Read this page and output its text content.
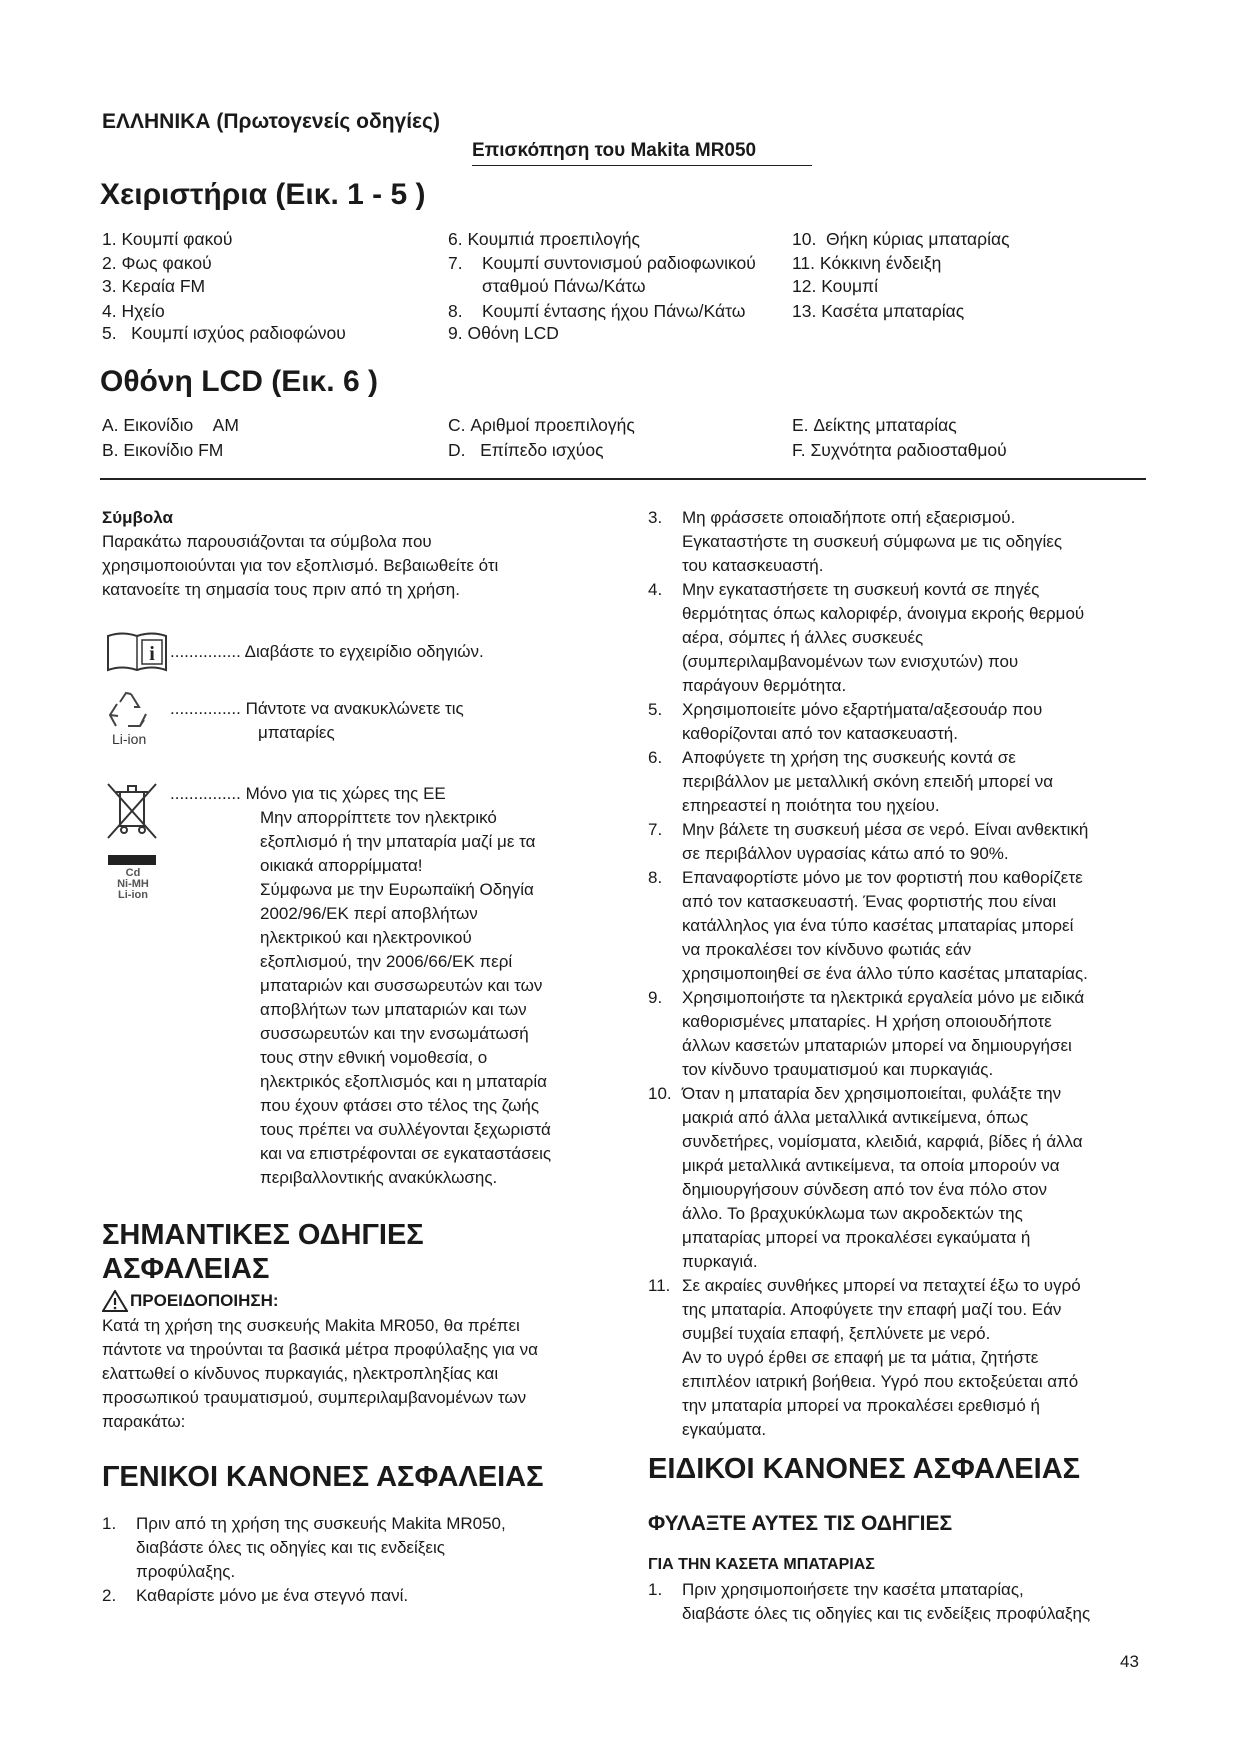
ΕΛΛΗΝΙΚΑ (Πρωτογενείς οδηγίες)
Επισκόπηση του Makita MR050
Χειριστήρια (Εικ. 1 - 5 )
1. Κουμπί φακού
2. Φως φακού
3. Κεραία FM
4. Ηχείο
5.   Κουμπί ισχύος ραδιοφώνου
6. Κουμπιά προεπιλογής
7.    Κουμπί συντονισμού ραδιοφωνικού
σταθμού Πάνω/Κάτω
8.    Κουμπί έντασης ήχου Πάνω/Κάτω
9. Οθόνη LCD
10.  Θήκη κύριας μπαταρίας
11. Κόκκινη ένδειξη
12. Κουμπί
13. Κασέτα μπαταρίας
Οθόνη LCD (Εικ. 6 )
A. Εικονίδιο    AM
B. Εικονίδιο FM
C. Αριθμοί προεπιλογής
D.   Επίπεδο ισχύος
E. Δείκτης μπαταρίας
F. Συχνότητα ραδιοσταθμού
Σύμβολα
Παρακάτω παρουσιάζονται τα σύμβολα που
χρησιμοποιούνται για τον εξοπλισμό. Βεβαιωθείτε ότι
κατανοείτε τη σημασία τους πριν από τη χρήση.
i ............... Διαβάστε το εγχειρίδιο οδηγιών.
Li-ion
............... Πάντοτε να ανακυκλώνετε τις
μπαταρίες
Cd
Ni-MH
Li-ion
............... Μόνο για τις χώρες της ΕΕ
Μην απορρίπτετε τον ηλεκτρικό
εξοπλισμό ή την μπαταρία μαζί με τα
οικιακά απορρίμματα!
Σύμφωνα με την Ευρωπαϊκή Οδηγία
2002/96/ΕΚ περί αποβλήτων
ηλεκτρικού και ηλεκτρονικού
εξοπλισμού, την 2006/66/ΕΚ περί
μπαταριών και συσσωρευτών και των
αποβλήτων των μπαταριών και των
συσσωρευτών και την ενσωμάτωσή
τους στην εθνική νομοθεσία, ο
ηλεκτρικός εξοπλισμός και η μπαταρία
που έχουν φτάσει στο τέλος της ζωής
τους πρέπει να συλλέγονται ξεχωριστά
και να επιστρέφονται σε εγκαταστάσεις
περιβαλλοντικής ανακύκλωσης.
ΣΗΜΑΝΤΙΚΕΣ ΟΔΗΓΙΕΣ
ΑΣΦΑΛΕΙΑΣ
ΠΡΟΕΙΔΟΠΟΙΗΣΗ:
Κατά τη χρήση της συσκευής Makita MR050, θα πρέπει
πάντοτε να τηρούνται τα βασικά μέτρα προφύλαξης για να
ελαττωθεί ο κίνδυνος πυρκαγιάς, ηλεκτροπληξίας και
προσωπικού τραυματισμού, συμπεριλαμβανομένων των
παρακάτω:
ΓΕΝΙΚΟΙ ΚΑΝΟΝΕΣ ΑΣΦΑΛΕΙΑΣ
1. Πριν από τη χρήση της συσκευής Makita MR050,
διαβάστε όλες τις οδηγίες και τις ενδείξεις
προφύλαξης.
2. Καθαρίστε μόνο με ένα στεγνό πανί.
3. Μη φράσσετε οποιαδήποτε οπή εξαερισμού.
Εγκαταστήστε τη συσκευή σύμφωνα με τις οδηγίες
του κατασκευαστή.
4. Μην εγκαταστήσετε τη συσκευή κοντά σε πηγές
θερμότητας όπως καλοριφέρ, άνοιγμα εκροής θερμού
αέρα, σόμπες ή άλλες συσκευές
(συμπεριλαμβανομένων των ενισχυτών) που
παράγουν θερμότητα.
5. Χρησιμοποιείτε μόνο εξαρτήματα/αξεσουάρ που
καθορίζονται από τον κατασκευαστή.
6. Αποφύγετε τη χρήση της συσκευής κοντά σε
περιβάλλον με μεταλλική σκόνη επειδή μπορεί να
επηρεαστεί η ποιότητα του ηχείου.
7. Μην βάλετε τη συσκευή μέσα σε νερό. Είναι ανθεκτική
σε περιβάλλον υγρασίας κάτω από το 90%.
8. Επαναφορτίστε μόνο με τον φορτιστή που καθορίζετε
από τον κατασκευαστή. Ένας φορτιστής που είναι
κατάλληλος για ένα τύπο κασέτας μπαταρίας μπορεί
να προκαλέσει τον κίνδυνο φωτιάς εάν
χρησιμοποιηθεί σε ένα άλλο τύπο κασέτας μπαταρίας.
9. Χρησιμοποιήστε τα ηλεκτρικά εργαλεία μόνο με ειδικά
καθορισμένες μπαταρίες. Η χρήση οποιουδήποτε
άλλων κασετών μπαταριών μπορεί να δημιουργήσει
τον κίνδυνο τραυματισμού και πυρκαγιάς.
10. Όταν η μπαταρία δεν χρησιμοποιείται, φυλάξτε την
μακριά από άλλα μεταλλικά αντικείμενα, όπως
συνδετήρες, νομίσματα, κλειδιά, καρφιά, βίδες ή άλλα
μικρά μεταλλικά αντικείμενα, τα οποία μπορούν να
δημιουργήσουν σύνδεση από τον ένα πόλο στον
άλλο. Το βραχυκύκλωμα των ακροδεκτών της
μπαταρίας μπορεί να προκαλέσει εγκαύματα ή
πυρκαγιά.
11. Σε ακραίες συνθήκες μπορεί να πεταχτεί έξω το υγρό
της μπαταρία. Αποφύγετε την επαφή μαζί του. Εάν
συμβεί τυχαία επαφή, ξεπλύνετε με νερό.
Αν το υγρό έρθει σε επαφή με τα μάτια, ζητήστε
επιπλέον ιατρική βοήθεια. Υγρό που εκτοξεύεται από
την μπαταρία μπορεί να προκαλέσει ερεθισμό ή
εγκαύματα.
ΕΙΔΙΚΟΙ ΚΑΝΟΝΕΣ ΑΣΦΑΛΕΙΑΣ
ΦΥΛΑΞΤΕ ΑΥΤΕΣ ΤΙΣ ΟΔΗΓΙΕΣ
ΓΙΑ ΤΗΝ ΚΑΣΕΤΑ ΜΠΑΤΑΡΙΑΣ
1. Πριν χρησιμοποιήσετε την κασέτα μπαταρίας,
διαβάστε όλες τις οδηγίες και τις ενδείξεις προφύλαξης
43
